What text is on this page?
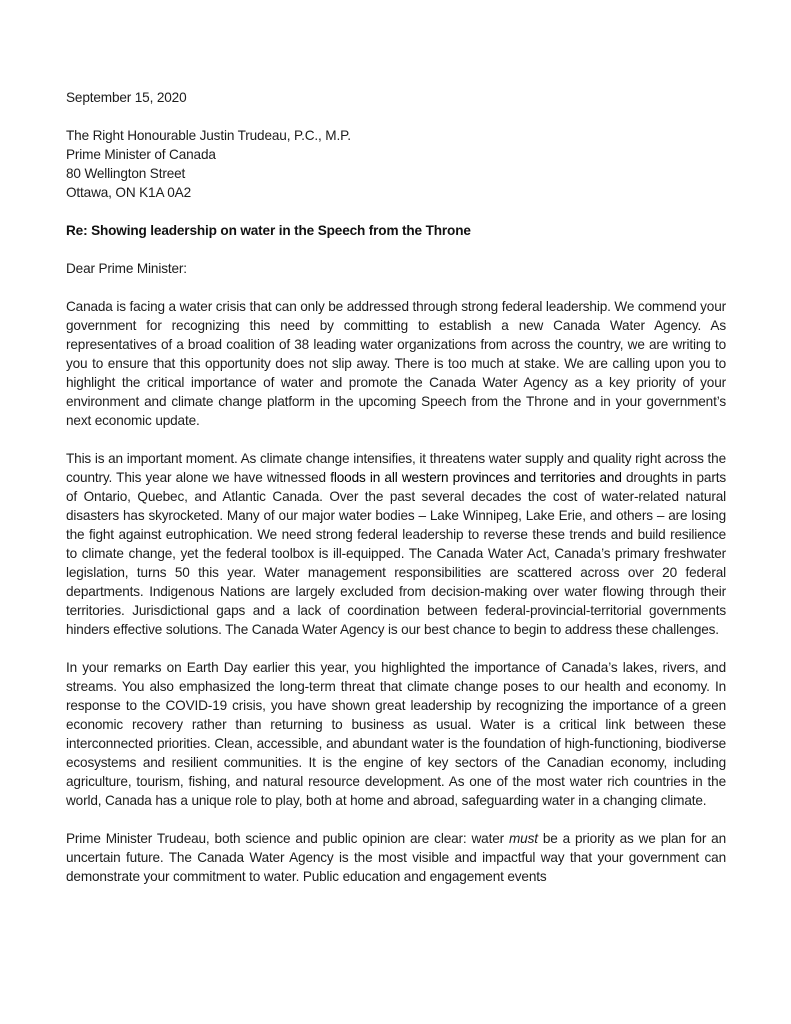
September 15, 2020
The Right Honourable Justin Trudeau, P.C., M.P.
Prime Minister of Canada
80 Wellington Street
Ottawa, ON K1A 0A2
Re: Showing leadership on water in the Speech from the Throne
Dear Prime Minister:

Canada is facing a water crisis that can only be addressed through strong federal leadership. We commend your government for recognizing this need by committing to establish a new Canada Water Agency. As representatives of a broad coalition of 38 leading water organizations from across the country, we are writing to you to ensure that this opportunity does not slip away. There is too much at stake. We are calling upon you to highlight the critical importance of water and promote the Canada Water Agency as a key priority of your environment and climate change platform in the upcoming Speech from the Throne and in your government’s next economic update.

This is an important moment. As climate change intensifies, it threatens water supply and quality right across the country. This year alone we have witnessed floods in all western provinces and territories and droughts in parts of Ontario, Quebec, and Atlantic Canada. Over the past several decades the cost of water-related natural disasters has skyrocketed. Many of our major water bodies – Lake Winnipeg, Lake Erie, and others – are losing the fight against eutrophication. We need strong federal leadership to reverse these trends and build resilience to climate change, yet the federal toolbox is ill-equipped. The Canada Water Act, Canada’s primary freshwater legislation, turns 50 this year. Water management responsibilities are scattered across over 20 federal departments. Indigenous Nations are largely excluded from decision-making over water flowing through their territories. Jurisdictional gaps and a lack of coordination between federal-provincial-territorial governments hinders effective solutions. The Canada Water Agency is our best chance to begin to address these challenges.

In your remarks on Earth Day earlier this year, you highlighted the importance of Canada’s lakes, rivers, and streams. You also emphasized the long-term threat that climate change poses to our health and economy. In response to the COVID-19 crisis, you have shown great leadership by recognizing the importance of a green economic recovery rather than returning to business as usual. Water is a critical link between these interconnected priorities. Clean, accessible, and abundant water is the foundation of high-functioning, biodiverse ecosystems and resilient communities. It is the engine of key sectors of the Canadian economy, including agriculture, tourism, fishing, and natural resource development. As one of the most water rich countries in the world, Canada has a unique role to play, both at home and abroad, safeguarding water in a changing climate.

Prime Minister Trudeau, both science and public opinion are clear: water must be a priority as we plan for an uncertain future. The Canada Water Agency is the most visible and impactful way that your government can demonstrate your commitment to water. Public education and engagement events
